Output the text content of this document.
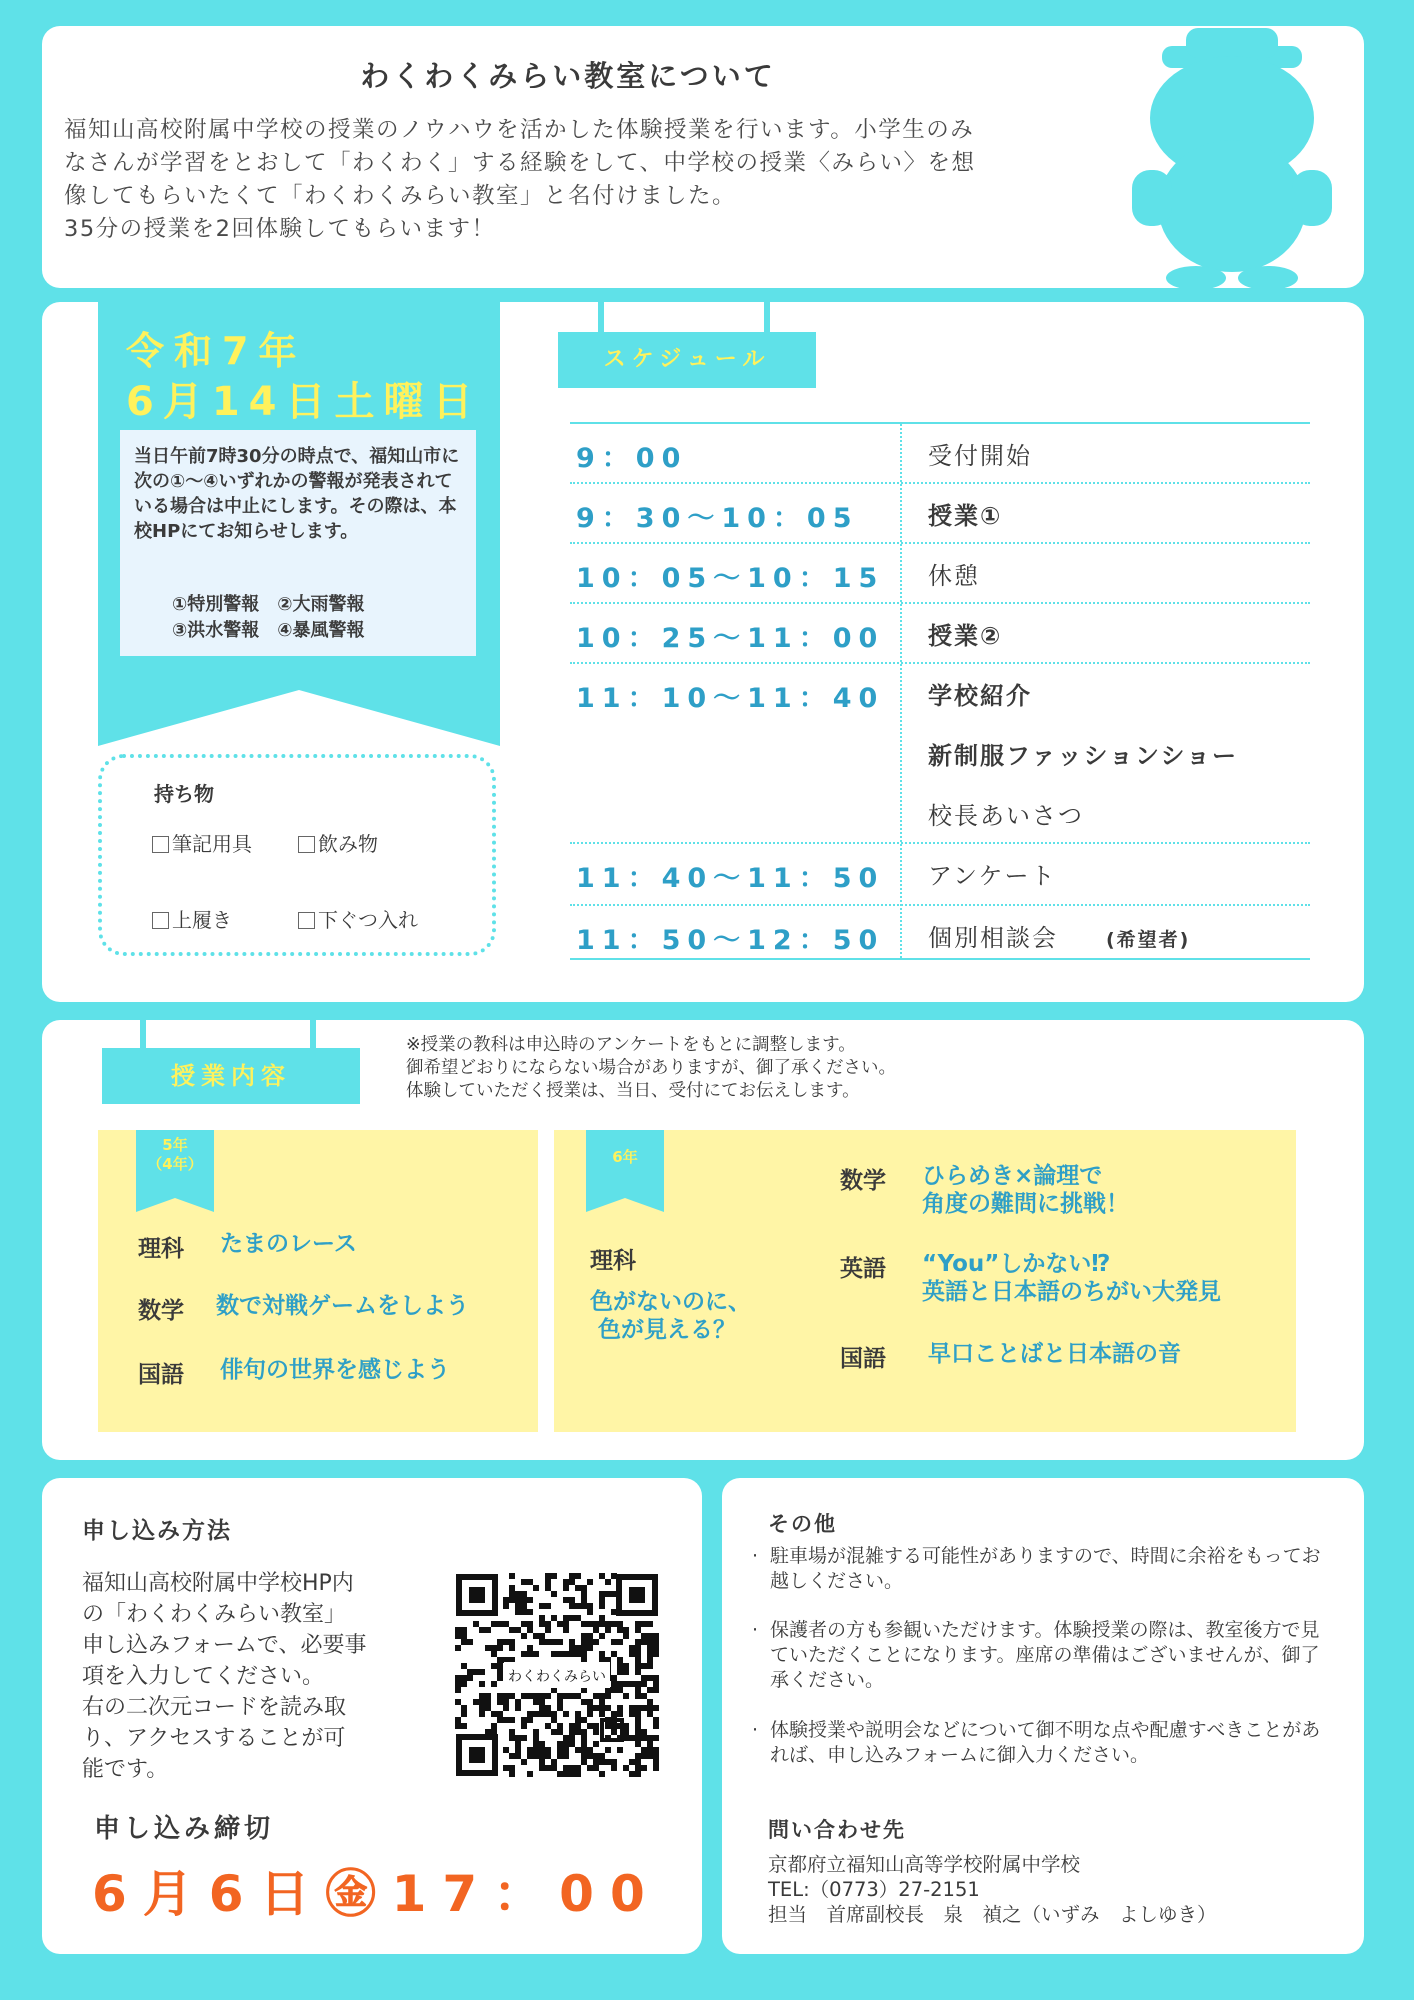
わくわくみらい教室について

福知山高校附属中学校の授業のノウハウを活かした体験授業を行います。小学生のみ

なさんが学習をとおして「わくわく」する経験をして、中学校の授業〈みらい〉を想

像してもらいたくて「わくわくみらい教室」と名付けました。

35分の授業を2回体験してもらいます！

令和7年
6月14日土曜日
当日午前7時30分の時点で、福知山市に次の①～④いずれかの警報が発表されている場合は中止にします。その際は、本校HPにてお知らせします。
①特別警報　②大雨警報
③洪水警報　④暴風警報
持ち物
筆記用具	飲み物
上履き	下ぐつ入れ
スケジュール
9：00	受付開始
9：30～10：05	授業①
10：05～10：15 休憩
10：25～11：00 授業②
11：10～11：40 学校紹介
新制服ファッションショー
校長あいさつ
11：40～11：50 アンケート
11：50～12：50 個別相談会	(希望者)
授業内容

※授業の教科は申込時のアンケートをもとに調整します。

御希望どおりにならない場合がありますが、御了承ください。

体験していただく授業は、当日、受付にてお伝えします。

5年
（4年）
理科 たまのレース
数学 数で対戦ゲームをしよう
国語 俳句の世界を感じよう
6年
理科
色がないのに、
色が見える？
数学 ひらめき×論理で
角度の難問に挑戦！
英語 “You”しかない⁉
英語と日本語のちがい大発見
国語 早口ことばと日本語の音
申し込み方法

福知山高校附属中学校HP内

の「わくわくみらい教室」

申し込みフォームで、必要事

項を入力してください。

右の二次元コードを読み取

り、アクセスすることが可

能です。

わくわくみらい
申し込み締切
6月6日㊎17：00
その他
· 駐車場が混雑する可能性がありますので、時間に余裕をもってお越しください。
· 保護者の方も参観いただけます。体験授業の際は、教室後方で見ていただくことになります。座席の準備はございませんが、御了承ください。
· 体験授業や説明会などについて御不明な点や配慮すべきことがあれば、申し込みフォームに御入力ください。
問い合わせ先

京都府立福知山高等学校附属中学校

TEL:（0773）27-2151

担当　首席副校長　泉　禎之（いずみ　よしゆき）
